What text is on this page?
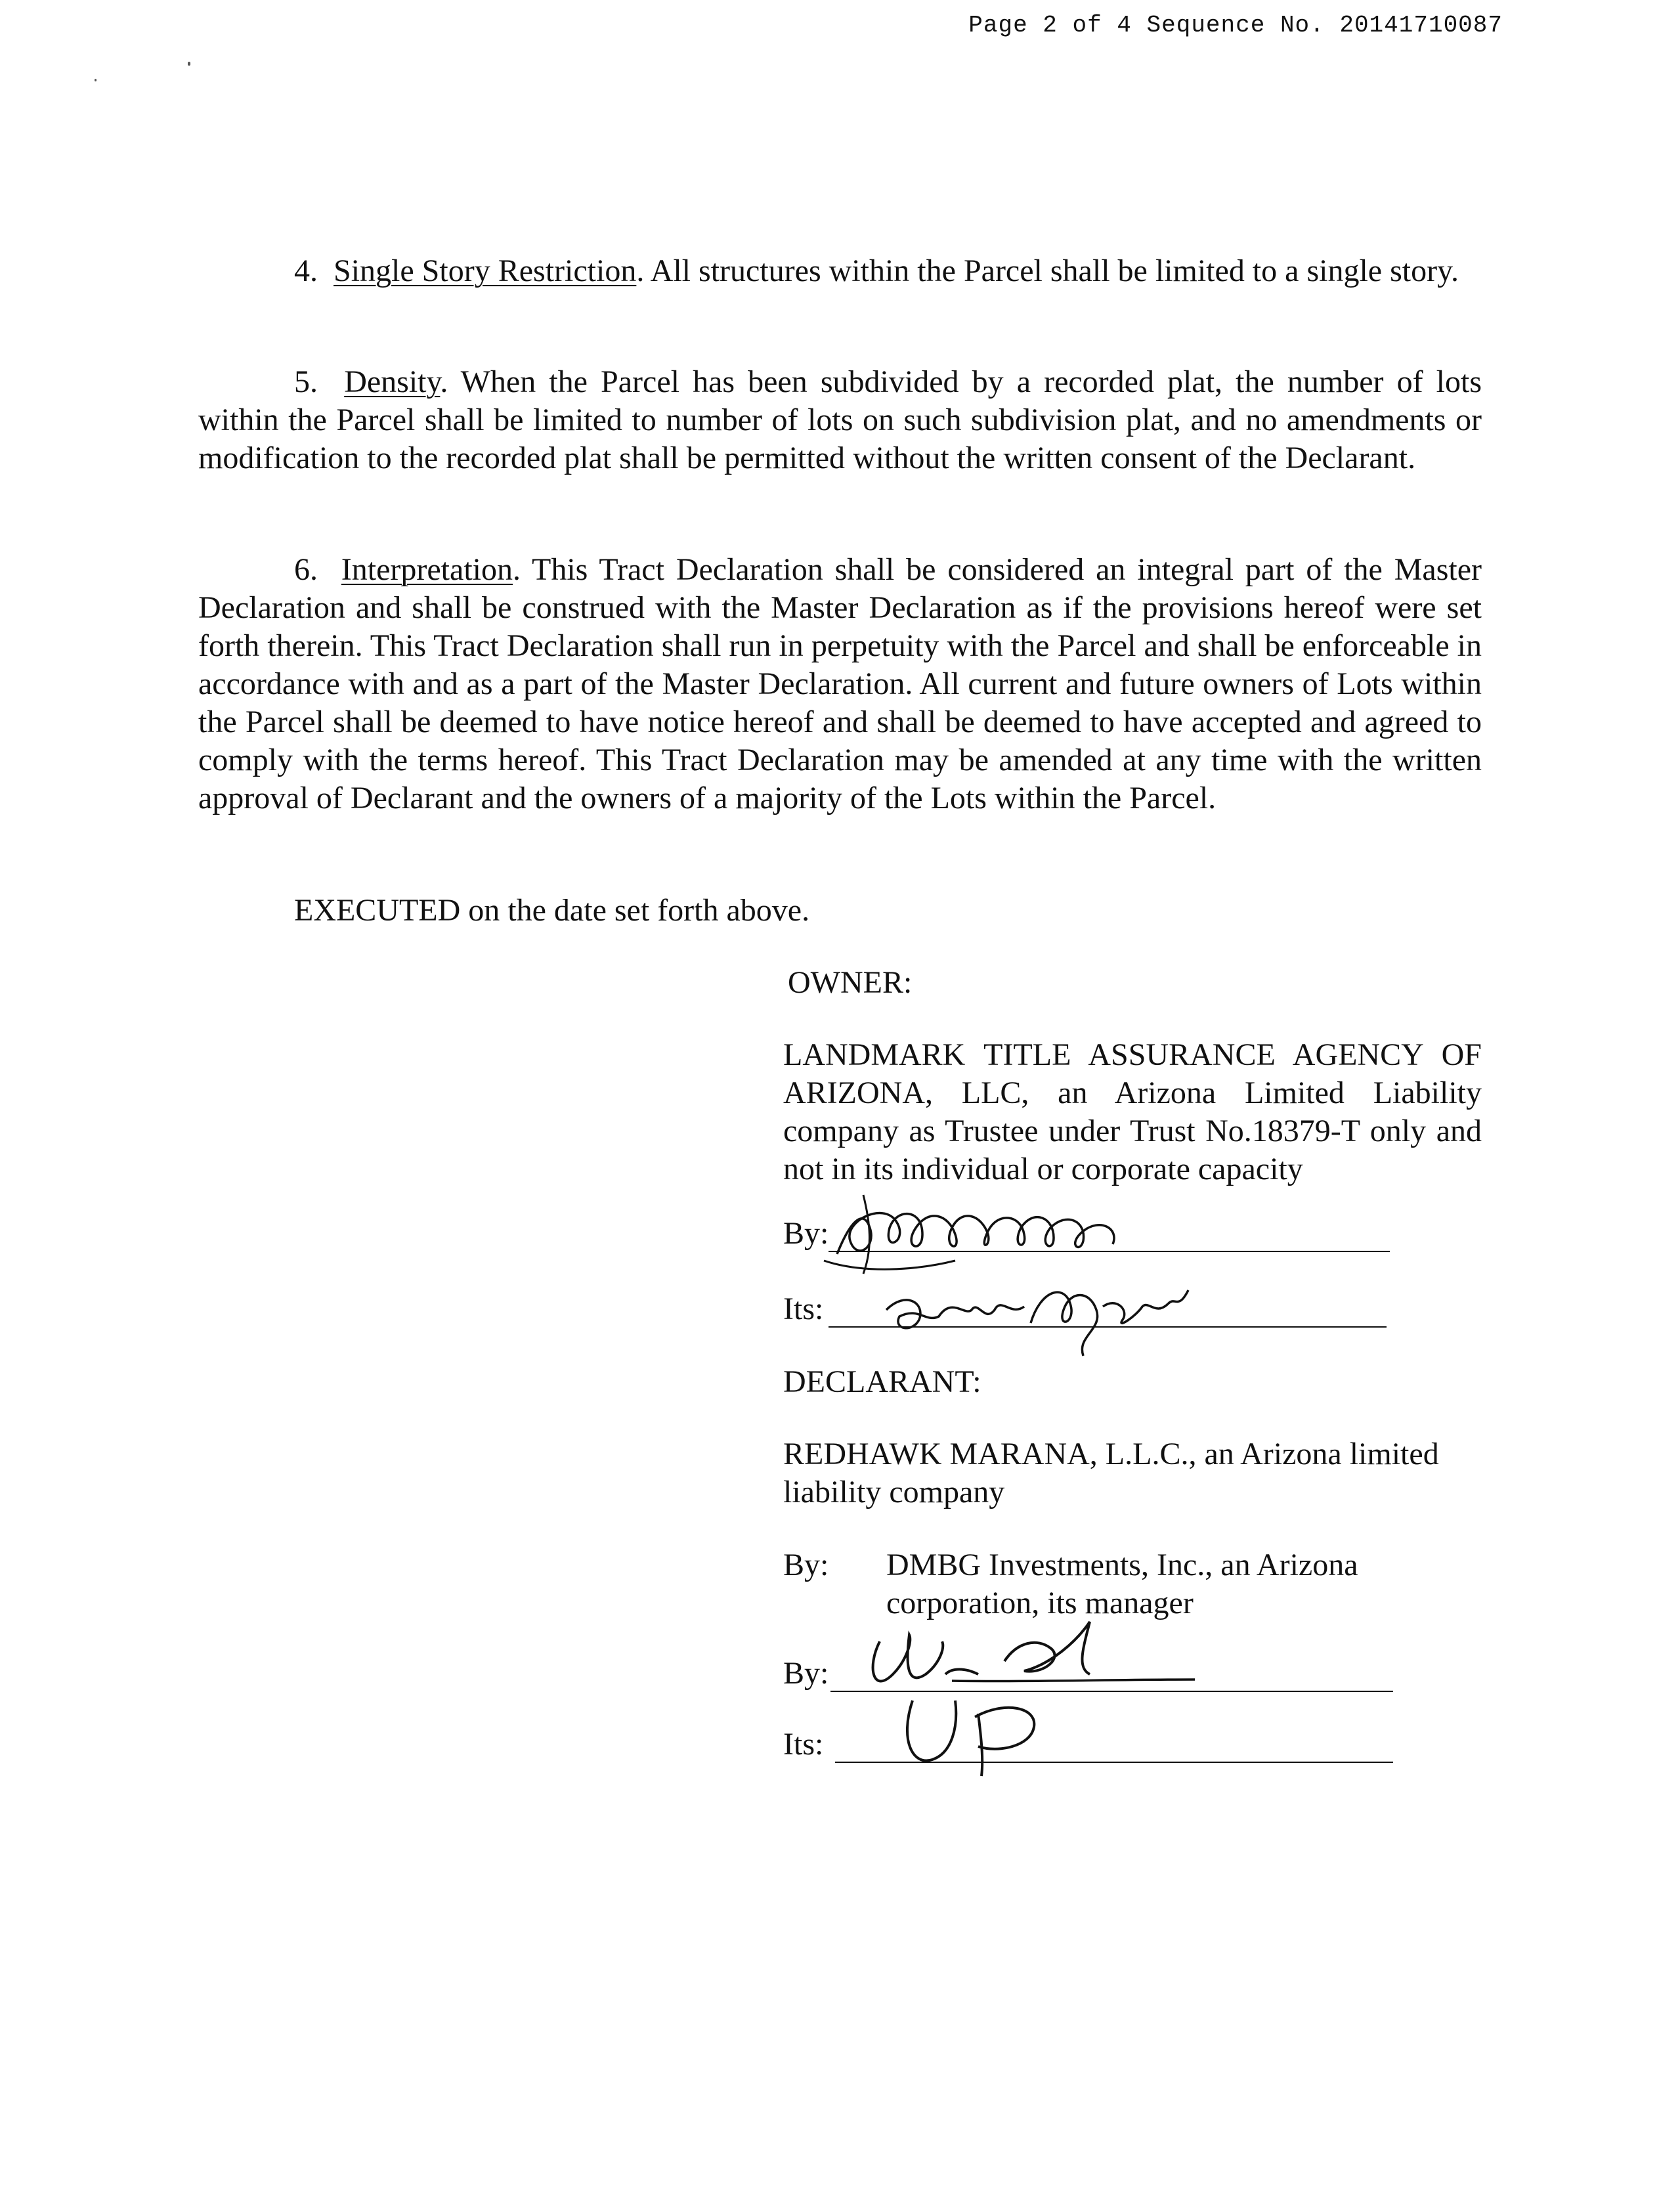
Page 2 of 4 Sequence No. 20141710087

4. Single Story Restriction. All structures within the Parcel shall be limited to a single story.

5. Density. When the Parcel has been subdivided by a recorded plat, the number of lots within the Parcel shall be limited to number of lots on such subdivision plat, and no amendments or modification to the recorded plat shall be permitted without the written consent of the Declarant.

6. Interpretation. This Tract Declaration shall be considered an integral part of the Master Declaration and shall be construed with the Master Declaration as if the provisions hereof were set forth therein. This Tract Declaration shall run in perpetuity with the Parcel and shall be enforceable in accordance with and as a part of the Master Declaration. All current and future owners of Lots within the Parcel shall be deemed to have notice hereof and shall be deemed to have accepted and agreed to comply with the terms hereof. This Tract Declaration may be amended at any time with the written approval of Declarant and the owners of a majority of the Lots within the Parcel.

EXECUTED on the date set forth above.
OWNER:
LANDMARK TITLE ASSURANCE AGENCY OF ARIZONA, LLC, an Arizona Limited Liability company as Trustee under Trust No.18379-T only and not in its individual or corporate capacity
By:
Its:
DECLARANT:
REDHAWK MARANA, L.L.C., an Arizona limited liability company
By: DMBG Investments, Inc., an Arizona corporation, its manager
By:
Its:
